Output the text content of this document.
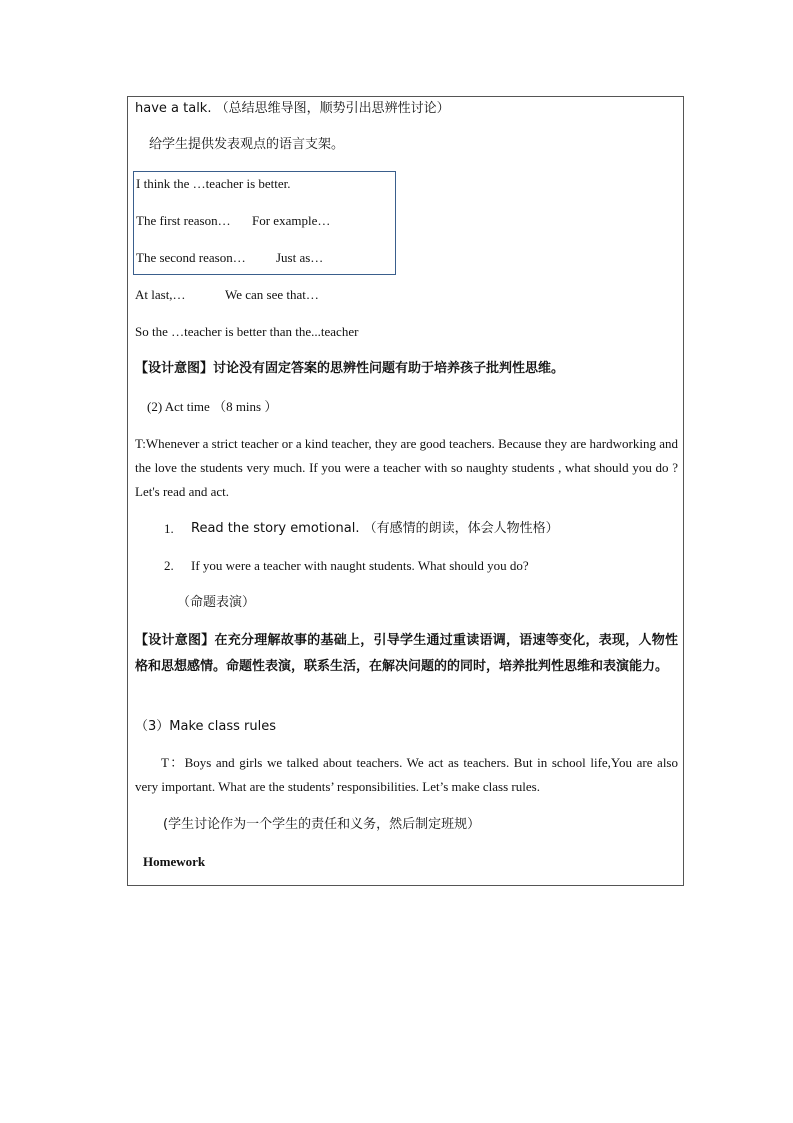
have a talk. （总结思维导图，顺势引出思辨性讨论）
给学生提供发表观点的语言支架。
I think the …teacher is better.
The first reason… For example…
The second reason… Just as…
At last,…	We can see that…
So the …teacher is better than the...teacher
【设计意图】讨论没有固定答案的思辨性问题有助于培养孩子批判性思维。
(2) Act time （8 mins ）
T:Whenever a strict teacher or a kind teacher, they are good teachers. Because they are hardworking and the love the students very much. If you were a teacher with so naughty students , what should you do ?Let's read and act.
1. Read the story emotional. （有感情的朗读，体会人物性格）
2. If you were a teacher with naught students. What should you do?
（命题表演）
【设计意图】在充分理解故事的基础上，引导学生通过重读语调，语速等变化，表现，人物性格和思想感情。命题性表演，联系生活，在解决问题的的同时，培养批判性思维和表演能力。
（3）Make class rules
T：Boys and girls we talked about teachers. We act as teachers. But in school life,You are also very important. What are the students’ responsibilities. Let’s make class rules.
(学生讨论作为一个学生的责任和义务，然后制定班规）
Homework
